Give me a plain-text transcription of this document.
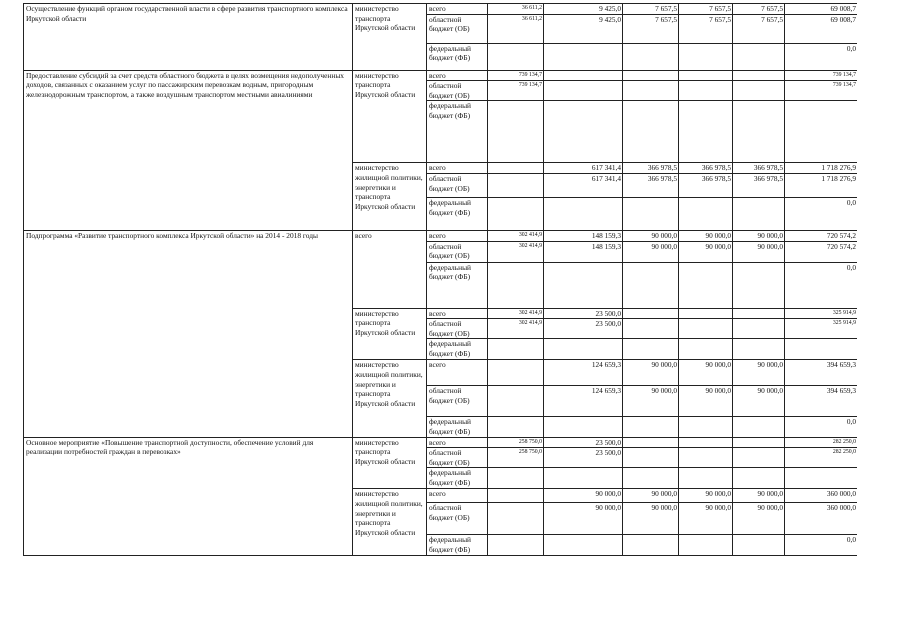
Осуществление функций органом государственной власти в сфере развития транспортного комплекса Иркутской области	министерство транспорта Иркутской области	всего	36 611,2	9 425,0	7 657,5	7 657,5	7 657,5	69 008,7
		областной бюджет (ОБ)	36 611,2	9 425,0	7 657,5	7 657,5	7 657,5	69 008,7
		федеральный бюджет (ФБ)						0,0
Предоставление субсидий за счет средств областного бюджета в целях возмещения недополученных доходов, связанных с оказанием услуг по пассажирским перевозкам водным, пригородным железнодорожным транспортом, а также воздушным транспортом местными авиалиниями	министерство транспорта Иркутской области	всего	739 134,7					739 134,7
		областной бюджет (ОБ)	739 134,7					739 134,7
		федеральный бюджет (ФБ)						
	министерство жилищной политики, энергетики и транспорта Иркутской области	всего		617 341,4	366 978,5	366 978,5	366 978,5	1 718 276,9
		областной бюджет (ОБ)		617 341,4	366 978,5	366 978,5	366 978,5	1 718 276,9
		федеральный бюджет (ФБ)						0,0
Подпрограмма «Развитие транспортного комплекса Иркутской области» на 2014 - 2018 годы	всего	всего	302 414,9	148 159,3	90 000,0	90 000,0	90 000,0	720 574,2
		областной бюджет (ОБ)	302 414,9	148 159,3	90 000,0	90 000,0	90 000,0	720 574,2
		федеральный бюджет (ФБ)						0,0
	министерство транспорта Иркутской области	всего	302 414,9	23 500,0				325 914,9
		областной бюджет (ОБ)	302 414,9	23 500,0				325 914,9
		федеральный бюджет (ФБ)						
	министерство жилищной политики, энергетики и транспорта Иркутской области	всего		124 659,3	90 000,0	90 000,0	90 000,0	394 659,3
		областной бюджет (ОБ)		124 659,3	90 000,0	90 000,0	90 000,0	394 659,3
		федеральный бюджет (ФБ)						0,0
Основное мероприятие «Повышение транспортной доступности, обеспечение условий для реализации потребностей граждан в перевозках»	министерство транспорта Иркутской области	всего	258 750,0	23 500,0				282 250,0
		областной бюджет (ОБ)	258 750,0	23 500,0				282 250,0
		федеральный бюджет (ФБ)						
	министерство жилищной политики, энергетики и транспорта Иркутской области	всего		90 000,0	90 000,0	90 000,0	90 000,0	360 000,0
		областной бюджет (ОБ)		90 000,0	90 000,0	90 000,0	90 000,0	360 000,0
		федеральный бюджет (ФБ)						0,0
